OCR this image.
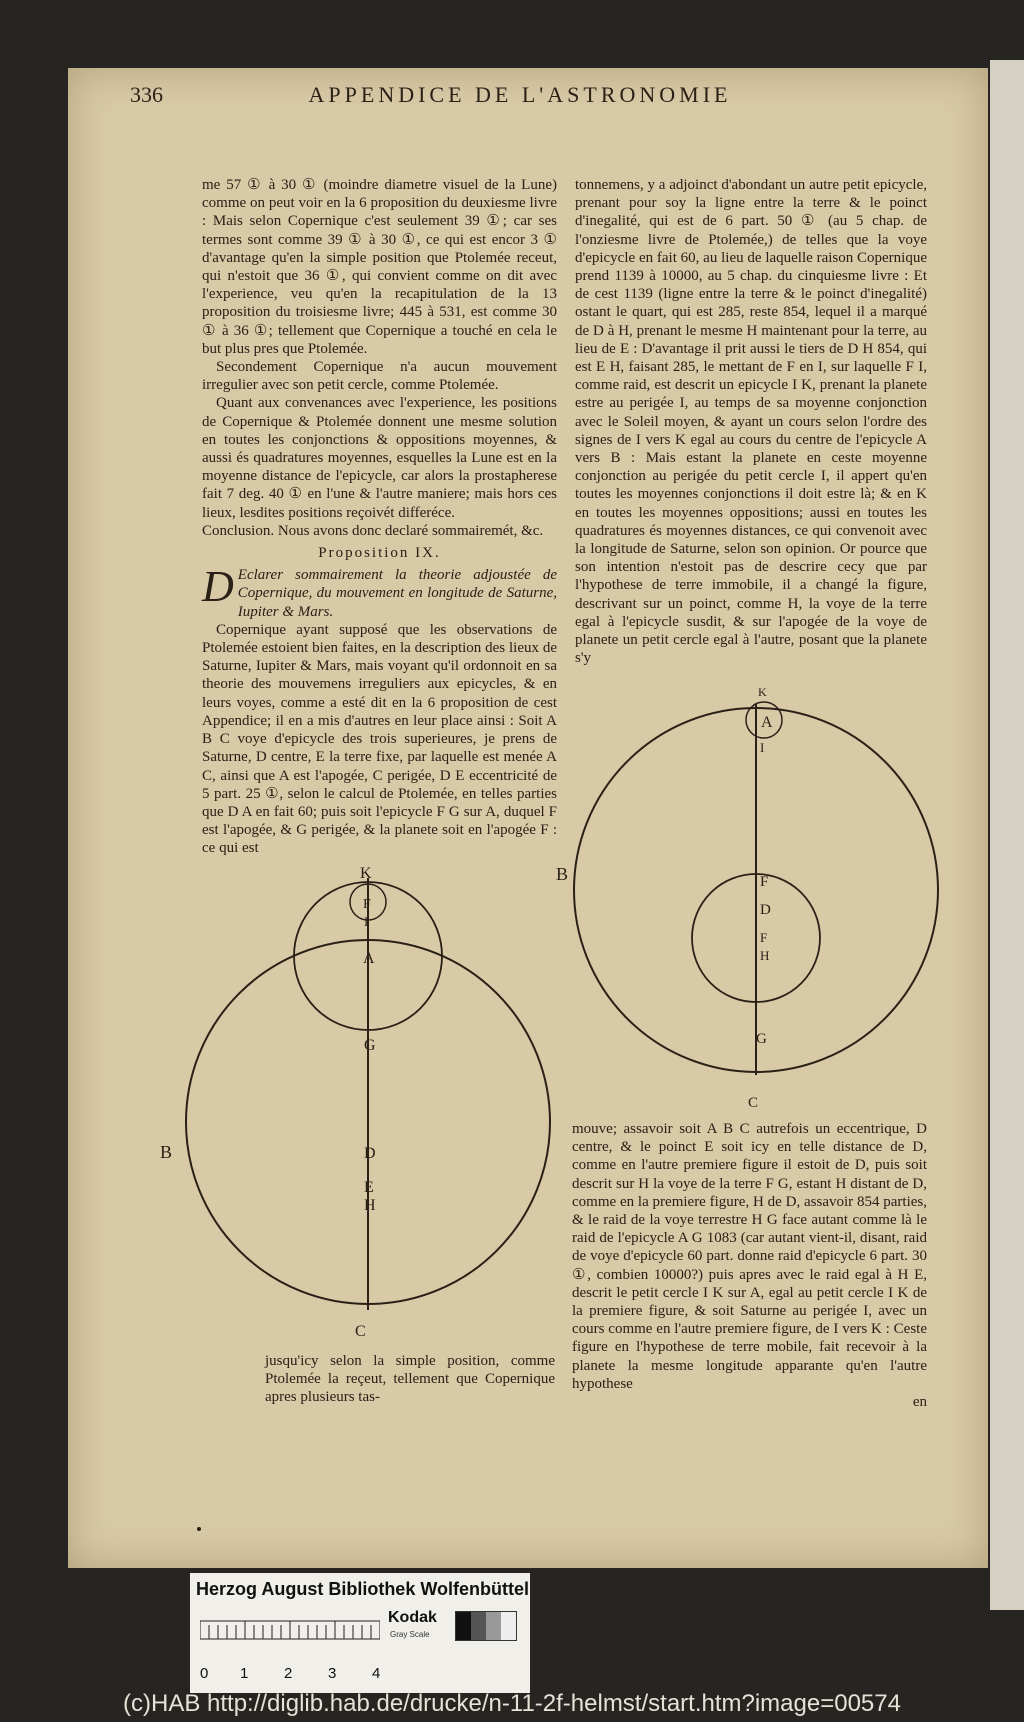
336	APPENDICE DE L'ASTRONOMIE

me 57 ① à 30 ① (moindre diametre visuel de la Lune) comme on peut voir en la 6 proposition du deuxiesme livre : Mais selon Copernique c'est seulement 39 ①; car ses termes sont comme 39 ① à 30 ①, ce qui est encor 3 ① d'avantage qu'en la simple position que Ptolemée receut, qui n'estoit que 36 ①, qui convient comme on dit avec l'experience, veu qu'en la recapitulation de la 13 proposition du troisiesme livre; 445 à 531, est comme 30 ① à 36 ①; tellement que Copernique a touché en cela le but plus pres que Ptolemée.

Secondement Copernique n'a aucun mouvement irregulier avec son petit cercle, comme Ptolemée.

Quant aux convenances avec l'experience, les positions de Copernique & Ptolemée donnent une mesme solution en toutes les conjonctions & oppositions moyennes, & aussi és quadratures moyennes, esquelles la Lune est en la moyenne distance de l'epicycle, car alors la prostapherese fait 7 deg. 40 ① en l'une & l'autre maniere; mais hors ces lieux, lesdites positions reçoivét differéce.

Conclusion. Nous avons donc declaré sommairemét, &c.

Proposition IX.

D Eclarer sommairement la theorie adjoustée de Copernique, du mouvement en longitude de Saturne, Iupiter & Mars.

Copernique ayant supposé que les observations de Ptolemée estoient bien faites, en la description des lieux de Saturne, Iupiter & Mars, mais voyant qu'il ordonnoit en sa theorie des mouvemens irreguliers aux epicycles, & en leurs voyes, comme a esté dit en la 6 proposition de cest Appendice; il en a mis d'autres en leur place ainsi : Soit A B C voye d'epicycle des trois superieures, je prens de Saturne, D centre, E la terre fixe, par laquelle est menée A C, ainsi que A est l'apogée, C perigée, D E eccentricité de 5 part. 25 ①, selon le calcul de Ptolemée, en telles parties que D A en fait 60; puis soit l'epicycle F G sur A, duquel F est l'apogée, & G perigée, & la planete soit en l'apogée F : ce qui est

tonnemens, y a adjoinct d'abondant un autre petit epicycle, prenant pour soy la ligne entre la terre & le poinct d'inegalité, qui est de 6 part. 50 ① (au 5 chap. de l'onziesme livre de Ptolemée,) de telles que la voye d'epicycle en fait 60, au lieu de laquelle raison Copernique prend 1139 à 10000, au 5 chap. du cinquiesme livre : Et de cest 1139 (ligne entre la terre & le poinct d'inegalité) ostant le quart, qui est 285, reste 854, lequel il a marqué de D à H, prenant le mesme H maintenant pour la terre, au lieu de E : D'avantage il prit aussi le tiers de D H 854, qui est E H, faisant 285, le mettant de F en I, sur laquelle F I, comme raid, est descrit un epicycle I K, prenant la planete estre au perigée I, au temps de sa moyenne conjonction avec le Soleil moyen, & ayant un cours selon l'ordre des signes de I vers K egal au cours du centre de l'epicycle A vers B : Mais estant la planete en ceste moyenne conjonction au perigée du petit cercle I, il appert qu'en toutes les moyennes conjonctions il doit estre là; & en K en toutes les moyennes oppositions; aussi en toutes les quadratures és moyennes distances, ce qui convenoit avec la longitude de Saturne, selon son opinion. Or pource que son intention n'estoit pas de descrire cecy que par l'hypothese de terre immobile, il a changé la figure, descrivant sur un poinct, comme H, la voye de la terre egal à l'epicycle susdit, & sur l'apogée de la voye de planete un petit cercle egal à l'autre, posant que la planete s'y

K
F
I
A
G
B	D
E
H
C
K
A
I
B	F
D
F
H
G
C

mouve; assavoir soit A B C autrefois un eccentrique, D centre, & le poinct E soit icy en telle distance de D, comme en l'autre premiere figure il estoit de D, puis soit descrit sur H la voye de la terre F G, estant H distant de D, comme en la premiere figure, H de D, assavoir 854 parties, & le raid de la voye terrestre H G face autant comme là le raid de l'epicycle A G 1083 (car autant vient-il, disant, raid de voye d'epicycle 60 part. donne raid d'epicycle 6 part. 30 ①, combien 10000?) puis apres avec le raid egal à H E, descrit le petit cercle I K sur A, egal au petit cercle I K de la premiere figure, & soit Saturne au perigée I, avec un cours comme en l'autre premiere figure, de I vers K : Ceste figure en l'hypothese de terre mobile, fait recevoir à la planete la mesme longitude apparante qu'en l'autre hypothese

en

jusqu'icy selon la simple position, comme Ptolemée la reçeut, tellement que Copernique apres plusieurs tas-

Herzog August Bibliothek Wolfenbüttel
Kodak
Gray Scale
0 1 2 3 4
(c)HAB http://diglib.hab.de/drucke/n-11-2f-helmst/start.htm?image=00574
